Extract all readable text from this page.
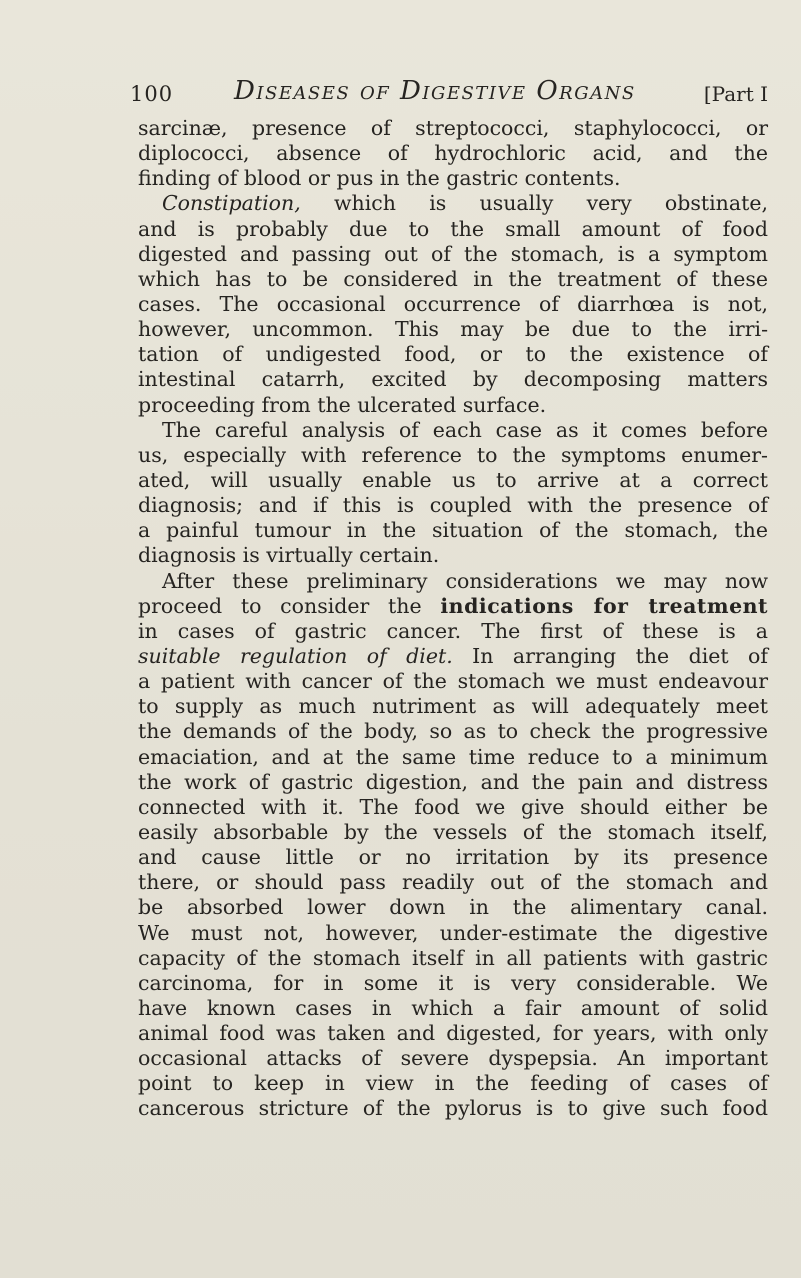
100 Diseases of Digestive Organs	[Part I
sarcinæ, presence of streptococci, staphylococci, or
diplococci, absence of hydrochloric acid, and the
finding of blood or pus in the gastric contents.
Constipation, which is usually very obstinate,
and is probably due to the small amount of food
digested and passing out of the stomach, is a symptom
which has to be considered in the treatment of these
cases. The occasional occurrence of diarrhœa is not,
however, uncommon. This may be due to the irri-
tation of undigested food, or to the existence of
intestinal catarrh, excited by decomposing matters
proceeding from the ulcerated surface.
The careful analysis of each case as it comes before
us, especially with reference to the symptoms enumer-
ated, will usually enable us to arrive at a correct
diagnosis; and if this is coupled with the presence of
a painful tumour in the situation of the stomach, the
diagnosis is virtually certain.
After these preliminary considerations we may now
proceed to consider the indications for treatment
in cases of gastric cancer. The first of these is a
suitable regulation of diet. In arranging the diet of
a patient with cancer of the stomach we must endeavour
to supply as much nutriment as will adequately meet
the demands of the body, so as to check the progressive
emaciation, and at the same time reduce to a minimum
the work of gastric digestion, and the pain and distress
connected with it. The food we give should either be
easily absorbable by the vessels of the stomach itself,
and cause little or no irritation by its presence
there, or should pass readily out of the stomach and
be absorbed lower down in the alimentary canal.
We must not, however, under-estimate the digestive
capacity of the stomach itself in all patients with gastric
carcinoma, for in some it is very considerable. We
have known cases in which a fair amount of solid
animal food was taken and digested, for years, with only
occasional attacks of severe dyspepsia. An important
point to keep in view in the feeding of cases of
cancerous stricture of the pylorus is to give such food
